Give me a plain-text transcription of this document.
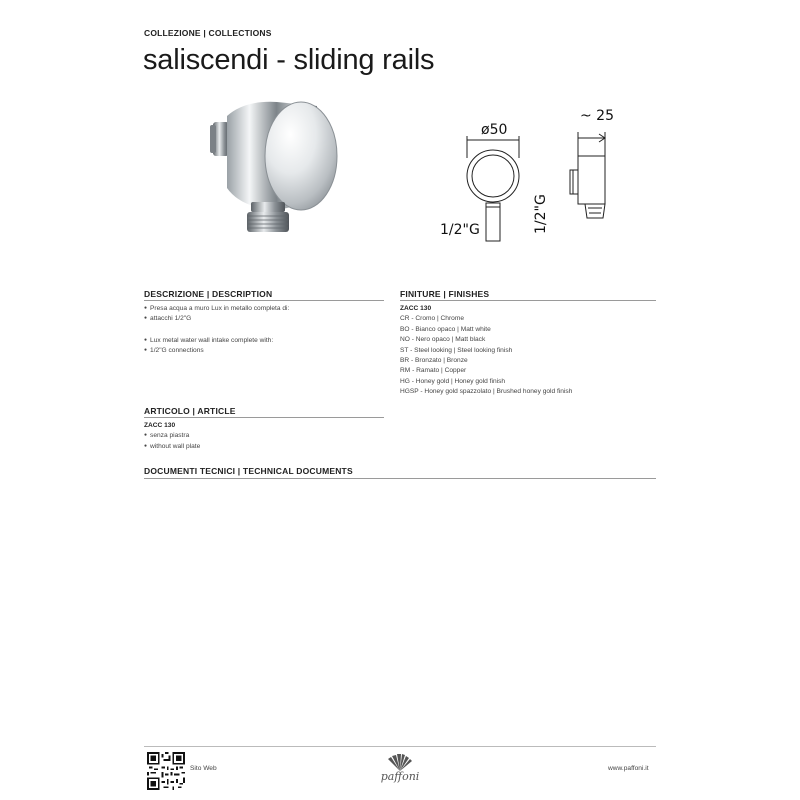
COLLEZIONE | COLLECTIONS
saliscendi - sliding rails
ø50
1/2"G
~ 25
1/2"G
DESCRIZIONE | DESCRIPTION
● Presa acqua a muro Lux in metallo completa di:
● attacchi 1/2"G
● Lux metal water wall intake complete with:
● 1/2"G connections
FINITURE | FINISHES
ZACC 130
CR - Cromo | Chrome
BO - Bianco opaco | Matt white
NO - Nero opaco | Matt black
ST - Steel looking | Steel looking finish
BR - Bronzato | Bronze
RM - Ramato | Copper
HG - Honey gold | Honey gold finish
HGSP - Honey gold spazzolato | Brushed honey gold finish
ARTICOLO | ARTICLE
ZACC 130
● senza piastra
● without wall plate
DOCUMENTI TECNICI | TECHNICAL DOCUMENTS
Sito Web
paffoni
www.paffoni.it
